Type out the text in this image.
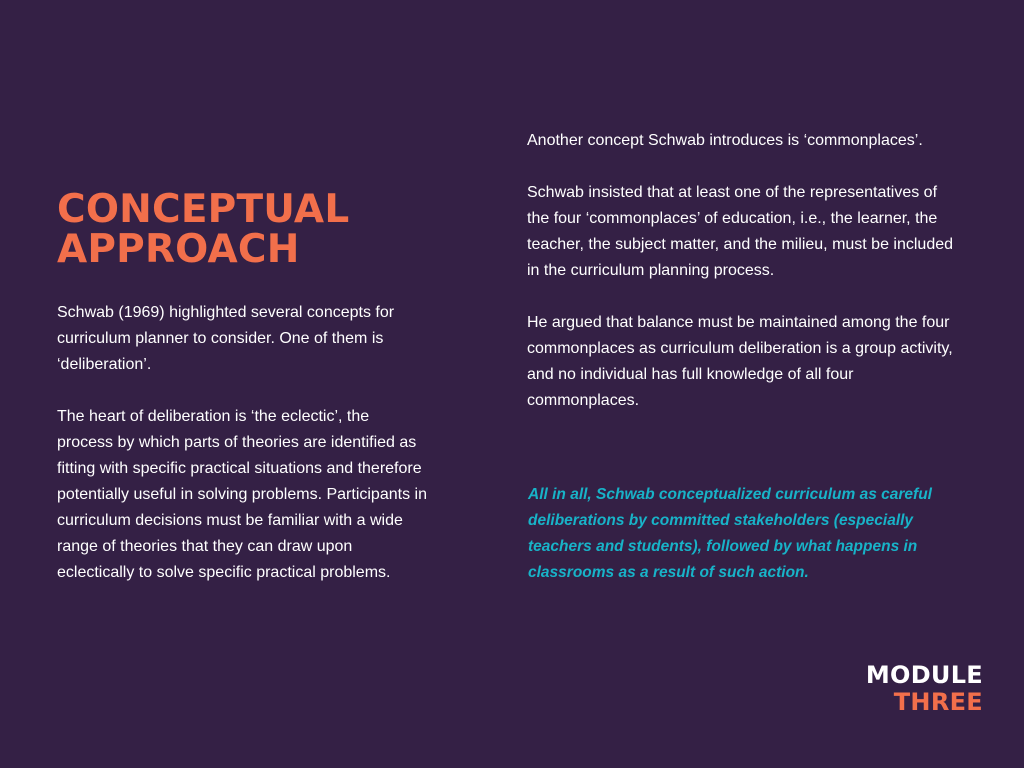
CONCEPTUAL
APPROACH

Schwab (1969) highlighted several concepts for curriculum planner to consider. One of them is ‘deliberation’.

The heart of deliberation is ‘the eclectic’, the process by which parts of theories are identified as fitting with specific practical situations and therefore potentially useful in solving problems. Participants in curriculum decisions must be familiar with a wide range of theories that they can draw upon eclectically to solve specific practical problems.

Another concept Schwab introduces is ‘commonplaces’.

Schwab insisted that at least one of the representatives of the four ‘commonplaces’ of education, i.e., the learner, the teacher, the subject matter, and the milieu, must be included in the curriculum planning process.

He argued that balance must be maintained among the four commonplaces as curriculum deliberation is a group activity, and no individual has full knowledge of all four commonplaces.

All in all, Schwab conceptualized curriculum as careful deliberations by committed stakeholders (especially teachers and students), followed by what happens in classrooms as a result of such action.

MODULE
THREE
